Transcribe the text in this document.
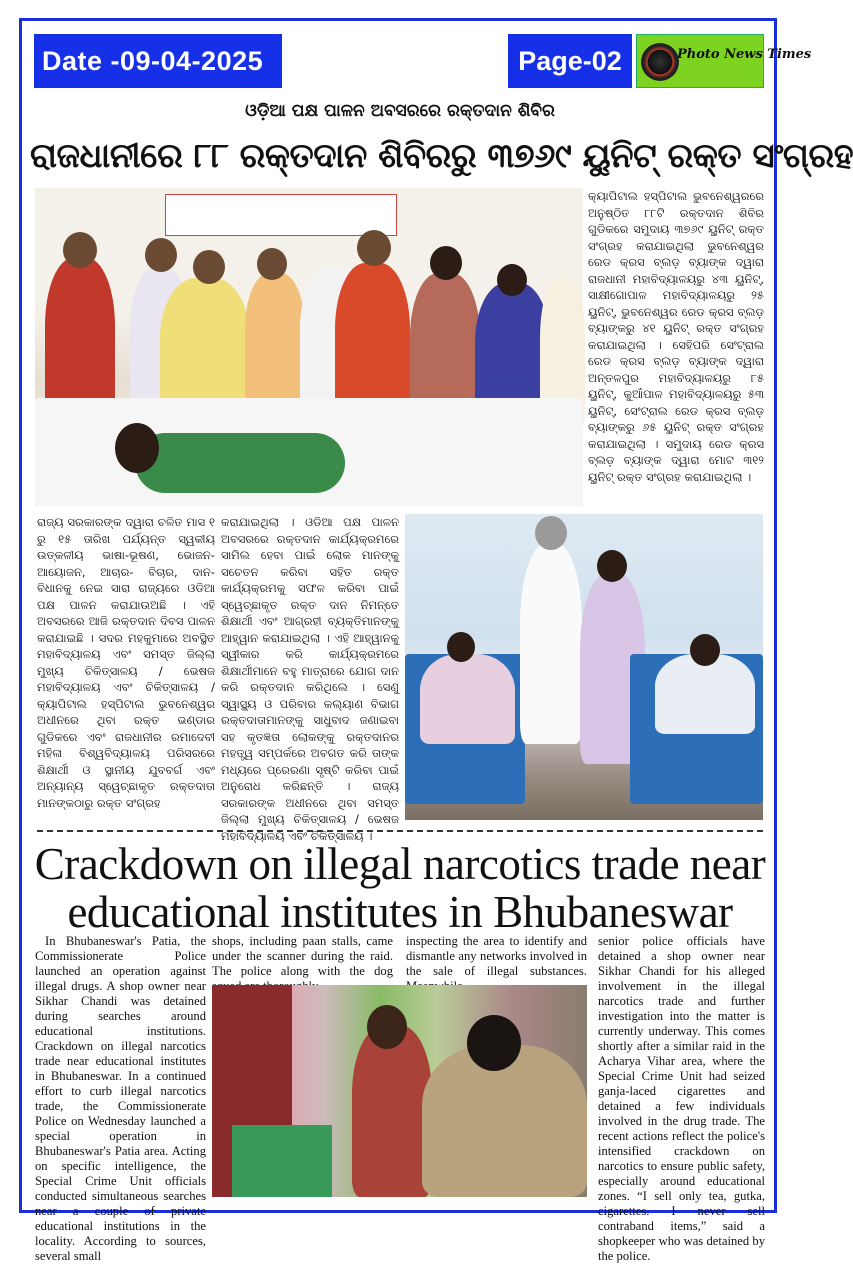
Date -09-04-2025	Page-02	Photo News Times
ଓଡ଼ିଆ ପକ୍ଷ ପାଳନ ଅବସରରେ ରକ୍ତଦାନ ଶିବିର
ରାଜଧାନୀରେ ୮୮ ରକ୍ତଦାନ ଶିବିରରୁ ୩୭୬୯ ୟୁନିଟ୍ ରକ୍ତ ସଂଗ୍ରହ
କ୍ୟାପିଟାଲ ହସ୍ପିଟାଲ ଭୁବନେଶ୍ୱରରେ ଅନୁଷ୍ଠିତ ୮୮ଟି ରକ୍ତଦାନ ଶିବିର ଗୁଡିକରେ ସମୁଦାୟ ୩୭୬୯ ୟୁନିଟ୍ ରକ୍ତ ସଂଗ୍ରହ କରାଯାଇଥିଲା ଭୁବନେଶ୍ୱର ରେଡ କ୍ରସ ବ୍ଲଡ଼ ବ୍ୟାଙ୍କ ଦ୍ୱାରା ରାଜଧାନୀ ମହାବିଦ୍ୟାଳୟରୁ ୪୩ ୟୁନିଟ୍, ସାକ୍ଷୀଗୋପାଳ ମହାବିଦ୍ୟାଳୟରୁ ୨୫ ୟୁନିଟ୍, ଭୁବନେଶ୍ୱର ରେଡ କ୍ରସ ବ୍ଲଡ଼ ବ୍ୟାଙ୍କରୁ ୪୧ ୟୁନିଟ୍ ରକ୍ତ ସଂଗ୍ରହ କରାଯାଇଥିଲା । ସେହିପରି ସେଂଟ୍ରାଲ ରେଡ କ୍ରସ ବ୍ଲଡ଼ ବ୍ୟାଙ୍କ ଦ୍ୱାରା ଅନ୍ତଳପୁର ମହାବିଦ୍ୟାଳୟରୁ ୮୫ ୟୁନିଟ୍, କୁଆଁପାଳ ମହାବିଦ୍ୟାଳୟରୁ ୫୩ ୟୁନିଟ୍, ସେଂଟ୍ରାଲ ରେଡ କ୍ରସ ବ୍ଲଡ଼ ବ୍ୟାଙ୍କରୁ ୬୫ ୟୁନିଟ୍ ରକ୍ତ ସଂଗ୍ରହ କରାଯାଇଥିଲା । ସମୁଦାୟ ରେଡ କ୍ରସ ବ୍ଲଡ଼ ବ୍ୟାଙ୍କ ଦ୍ୱାରା ମୋଟ ୩୧୨ ୟୁନିଟ୍ ରକ୍ତ ସଂଗ୍ରହ କରାଯାଇଥିଲା ।
ରାଜ୍ୟ ସରକାରଙ୍କ ଦ୍ୱାରା ଚଳିତ ମାସ ୧ ରୁ ୧୫ ତାରିଖ ପର୍ଯ୍ୟନ୍ତ ସ୍ୱକୀୟ ଉତ୍କଳୀୟ ଭାଷା-ଭୂଷଣ, ଭୋଜନ-ଆୟୋଜନ, ଆଚାର- ବିଚାର, ଦାନ-ବିଧାନକୁ ନେଇ ସାରା ରାଜ୍ୟରେ ଓଡିଆ ପକ୍ଷ ପାଳନ କରାଯାଉଅଛି । ଏହି ଅବସରରେ ଆଜି ରକ୍ତଦାନ ଦିବସ ପାଳନ କରାଯାଇଛି । ସଦର ମହକୁମାରେ ଅବସ୍ଥିତ ମହାବିଦ୍ୟାଳୟ ଏବଂ ସମସ୍ତ ଜିଲ୍ଲା ମୁଖ୍ୟ ଚିକିତ୍ସାଳୟ / ଭେଷଜ ମହାବିଦ୍ୟାଳୟ ଏବଂ ଚିକିତ୍ସାଳୟ / କ୍ୟାପିଟାଲ ହସ୍ପିଟାଲ ଭୁବନେଶ୍ୱର ଅଧୀନରେ ଥିବା ରକ୍ତ ଭଣ୍ଡାର ଗୁଡିକରେ ଏବଂ ରାଜଧାନୀର ରମାଦେବୀ ମହିଳା ବିଶ୍ୱବିଦ୍ୟାଳୟ ପରିସରରେ ଶିକ୍ଷାର୍ଥୀ ଓ ସ୍ଥାନୀୟ ଯୁବବର୍ଗ ଏବଂ ଅନ୍ୟାନ୍ୟ ସ୍ୱେଚ୍ଛାକୃତ ରକ୍ତଦାତା ମାନଙ୍କଠାରୁ ରକ୍ତ ସଂଗ୍ରହ
କରାଯାଇଥିଲା । ଓଡିଆ ପକ୍ଷ ପାଳନ ଅବସରରେ ରକ୍ତଦାନ କାର୍ଯ୍ୟକ୍ରମରେ ସାମିଲ ହେବା ପାଇଁ ଲୋକ ମାନଙ୍କୁ ସଚେତନ କରିବା ସହିତ ରକ୍ତ କାର୍ଯ୍ୟକ୍ରମକୁ ସଫଳ କରିବା ପାଇଁ ସ୍ୱେଚ୍ଛାକୃତ ରକ୍ତ ଦାନ ନିମନ୍ତେ ଶିକ୍ଷାର୍ଥୀ ଏବଂ ଆଗ୍ରହୀ ବ୍ୟକ୍ତିମାନଙ୍କୁ ଆହ୍ୱାନ କରାଯାଇଥିଲା । ଏହି ଆହ୍ୱାନକୁ ସ୍ୱୀକାର କରି କାର୍ଯ୍ୟକ୍ରମରେ ଶିକ୍ଷାର୍ଥୀମାନେ ବହୁ ମାତ୍ରାରେ ଯୋଗ ଦାନ କରି ରକ୍ତଦାନ କରିଥିଲେ । ସେଣୁ ସ୍ୱାସ୍ଥ୍ୟ ଓ ପରିବାର କଲ୍ୟାଣ ବିଭାଗ ରକ୍ତଦାତାମାନଙ୍କୁ ସାଧୁବାଦ ଜଣାଇବା ସହ କୃତଜ୍ଞତା ଲୋକଙ୍କୁ ରକ୍ତଦାନର ମହତ୍ତ୍ୱ ସମ୍ପର୍କରେ ଅବଗତ କରି ତାଙ୍କ ମଧ୍ୟରେ ପ୍ରେରଣା ସୃଷ୍ଟି କରିବା ପାଇଁ ଅନୁରୋଧ କରିଛନ୍ତି । ରାଜ୍ୟ ସରକାରଙ୍କ ଅଧୀନରେ ଥିବା ସମସ୍ତ ଜିଲ୍ଲା ମୁଖ୍ୟ ଚିକିତ୍ସାଳୟ / ଭେଷଜ ମହାବିଦ୍ୟାଳୟ ଏବଂ ଚିକିତ୍ସାଳୟ ।
Crackdown on illegal narcotics trade near educational institutes in Bhubaneswar
In Bhubaneswar's Patia, the Commissionerate Police launched an operation against illegal drugs. A shop owner near Sikhar Chandi was detained during searches around educational institutions. Crackdown on illegal narcotics trade near educational institutes in Bhubaneswar. In a continued effort to curb illegal narcotics trade, the Commissionerate Police on Wednesday launched a special operation in Bhubaneswar's Patia area. Acting on specific intelligence, the Special Crime Unit officials conducted simultaneous searches near a couple of private educational institutions in the locality. According to sources, several small
shops, including paan stalls, came under the scanner during the raid. The police along with the dog
inspecting the area to identify and dismantle any networks involved in the sale of illegal substances.
senior police officials have detained a shop owner near Sikhar Chandi for his alleged involvement in the illegal narcotics trade and further investigation into the matter is currently underway. This comes shortly after a similar raid in the Acharya Vihar area, where the Special Crime Unit had seized ganja-laced cigarettes and detained a few individuals involved in the drug trade. The recent actions reflect the police's intensified crackdown on narcotics to ensure public safety, especially around educational zones. “I sell only tea, gutka, cigarettes. I never sell contraband items,” said a shopkeeper who was detained by the police.
